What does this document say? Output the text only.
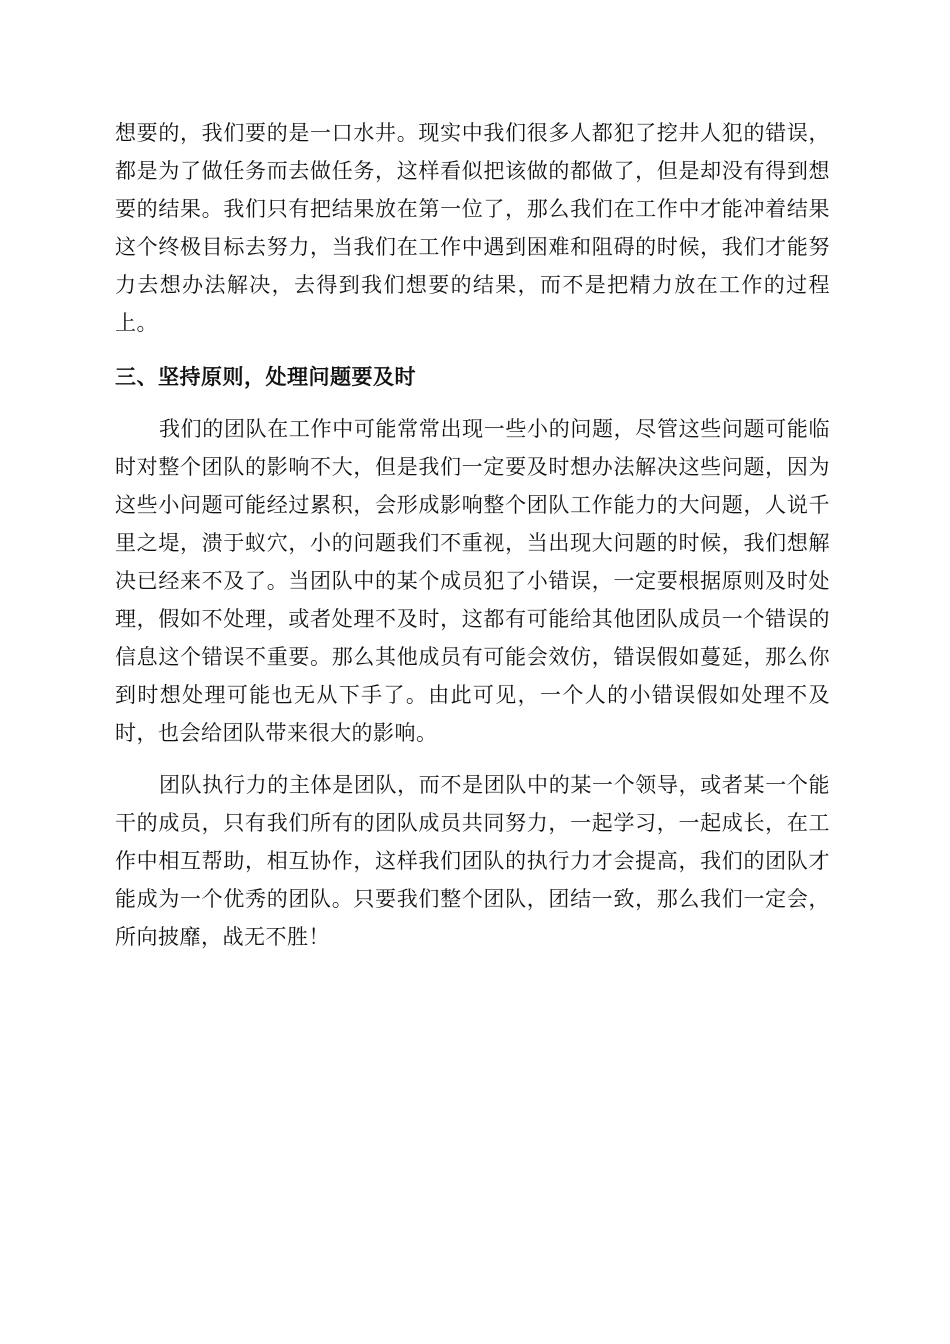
想要的，我们要的是一口水井。现实中我们很多人都犯了挖井人犯的错误，都是为了做任务而去做任务，这样看似把该做的都做了，但是却没有得到想要的结果。我们只有把结果放在第一位了，那么我们在工作中才能冲着结果这个终极目标去努力，当我们在工作中遇到困难和阻碍的时候，我们才能努力去想办法解决，去得到我们想要的结果，而不是把精力放在工作的过程上。

三、坚持原则，处理问题要及时

我们的团队在工作中可能常常出现一些小的问题，尽管这些问题可能临时对整个团队的影响不大，但是我们一定要及时想办法解决这些问题，因为这些小问题可能经过累积，会形成影响整个团队工作能力的大问题，人说千里之堤，溃于蚁穴，小的问题我们不重视，当出现大问题的时候，我们想解决已经来不及了。当团队中的某个成员犯了小错误，一定要根据原则及时处理，假如不处理，或者处理不及时，这都有可能给其他团队成员一个错误的信息这个错误不重要。那么其他成员有可能会效仿，错误假如蔓延，那么你到时想处理可能也无从下手了。由此可见，一个人的小错误假如处理不及时，也会给团队带来很大的影响。

团队执行力的主体是团队，而不是团队中的某一个领导，或者某一个能干的成员，只有我们所有的团队成员共同努力，一起学习，一起成长，在工作中相互帮助，相互协作，这样我们团队的执行力才会提高，我们的团队才能成为一个优秀的团队。只要我们整个团队，团结一致，那么我们一定会，所向披靡，战无不胜！
